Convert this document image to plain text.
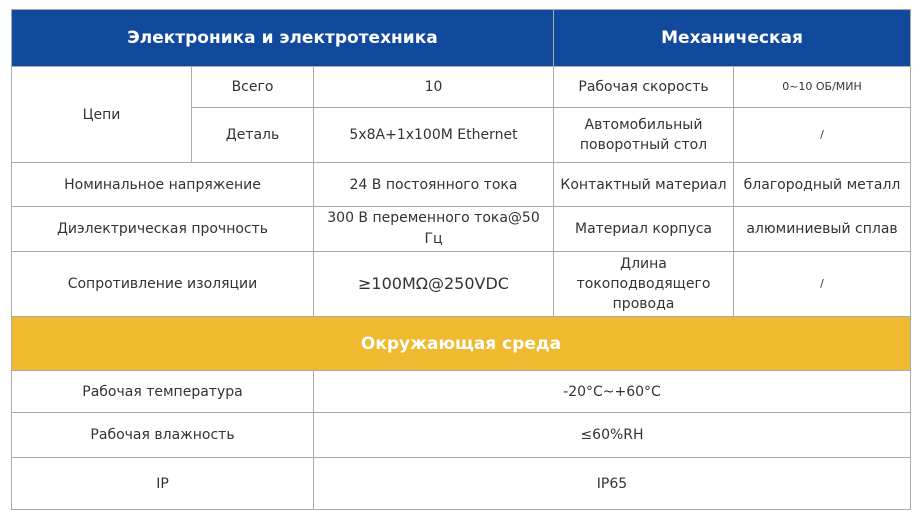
Электроника и электротехника			Механическая	
Цепи	Всего	10	Рабочая скорость	0~10 ОБ/МИН
	Деталь	5x8A+1x100M Ethernet	Автомобильный поворотный стол	/
Номинальное напряжение		24 В постоянного тока	Контактный материал	благородный металл
Диэлектрическая прочность		300 В переменного тока@50 Гц	Материал корпуса	алюминиевый сплав
Сопротивление изоляции		≥100MΩ@250VDC	Длина токоподводящего провода	/
Окружающая среда				
Рабочая температура		-20°C~+60°C		
Рабочая влажность		≤60%RH		
IP		IP65		
